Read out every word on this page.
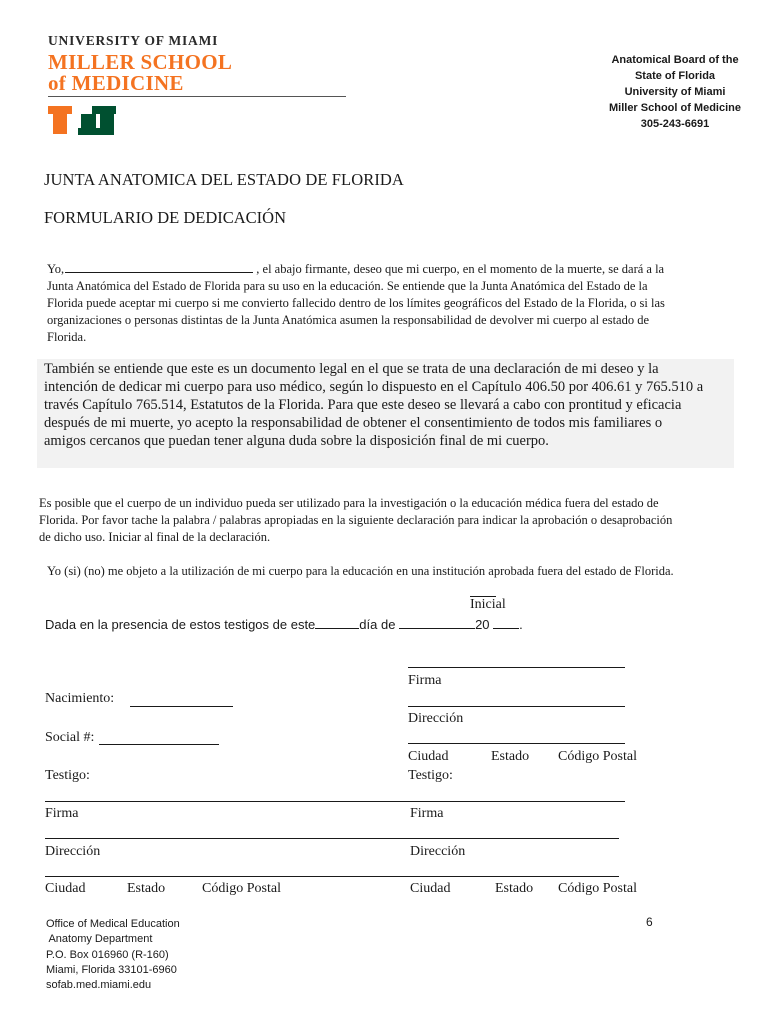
UNIVERSITY OF MIAMI
MILLER SCHOOL
of MEDICINE
Anatomical Board of the
State of Florida
University of Miami
Miller School of Medicine
305-243-6691
JUNTA ANATOMICA DEL ESTADO DE FLORIDA
FORMULARIO DE DEDICACIÓN
Yo,	, el abajo firmante, deseo que mi cuerpo, en el momento de la muerte, se dará a la Junta Anatómica del Estado de Florida para su uso en la educación. Se entiende que la Junta Anatómica del Estado de la Florida puede aceptar mi cuerpo si me convierto fallecido dentro de los límites geográficos del Estado de la Florida, o si las organizaciones o personas distintas de la Junta Anatómica asumen la responsabilidad de devolver mi cuerpo al estado de Florida.
También se entiende que este es un documento legal en el que se trata de una declaración de mi deseo y la intención de dedicar mi cuerpo para uso médico, según lo dispuesto en el Capítulo 406.50 por 406.61 y 765.510 a través Capítulo 765.514, Estatutos de la Florida. Para que este deseo se llevará a cabo con prontitud y eficacia después de mi muerte, yo acepto la responsabilidad de obtener el consentimiento de todos mis familiares o amigos cercanos que puedan tener alguna duda sobre la disposición final de mi cuerpo.
Es posible que el cuerpo de un individuo pueda ser utilizado para la investigación o la educación médica fuera del estado de Florida. Por favor tache la palabra / palabras apropiadas en la siguiente declaración para indicar la aprobación o desaprobación de dicho uso. Iniciar al final de la declaración.
Yo (si) (no) me objeto a la utilización de mi cuerpo para la educación en una institución aprobada fuera del estado de Florida.
Inicial
Dada en la presencia de estos testigos de este	día de	20 .
Firma
Dirección
Ciudad	Estado Código Postal
Testigo:
Nacimiento:
Social #:
Testigo:
Firma	Firma
Dirección	Dirección
Ciudad	Estado	Código Postal	Ciudad	Estado Código Postal
Office of Medical Education
Anatomy Department
P.O. Box 016960 (R-160)
Miami, Florida 33101-6960
sofab.med.miami.edu
6
